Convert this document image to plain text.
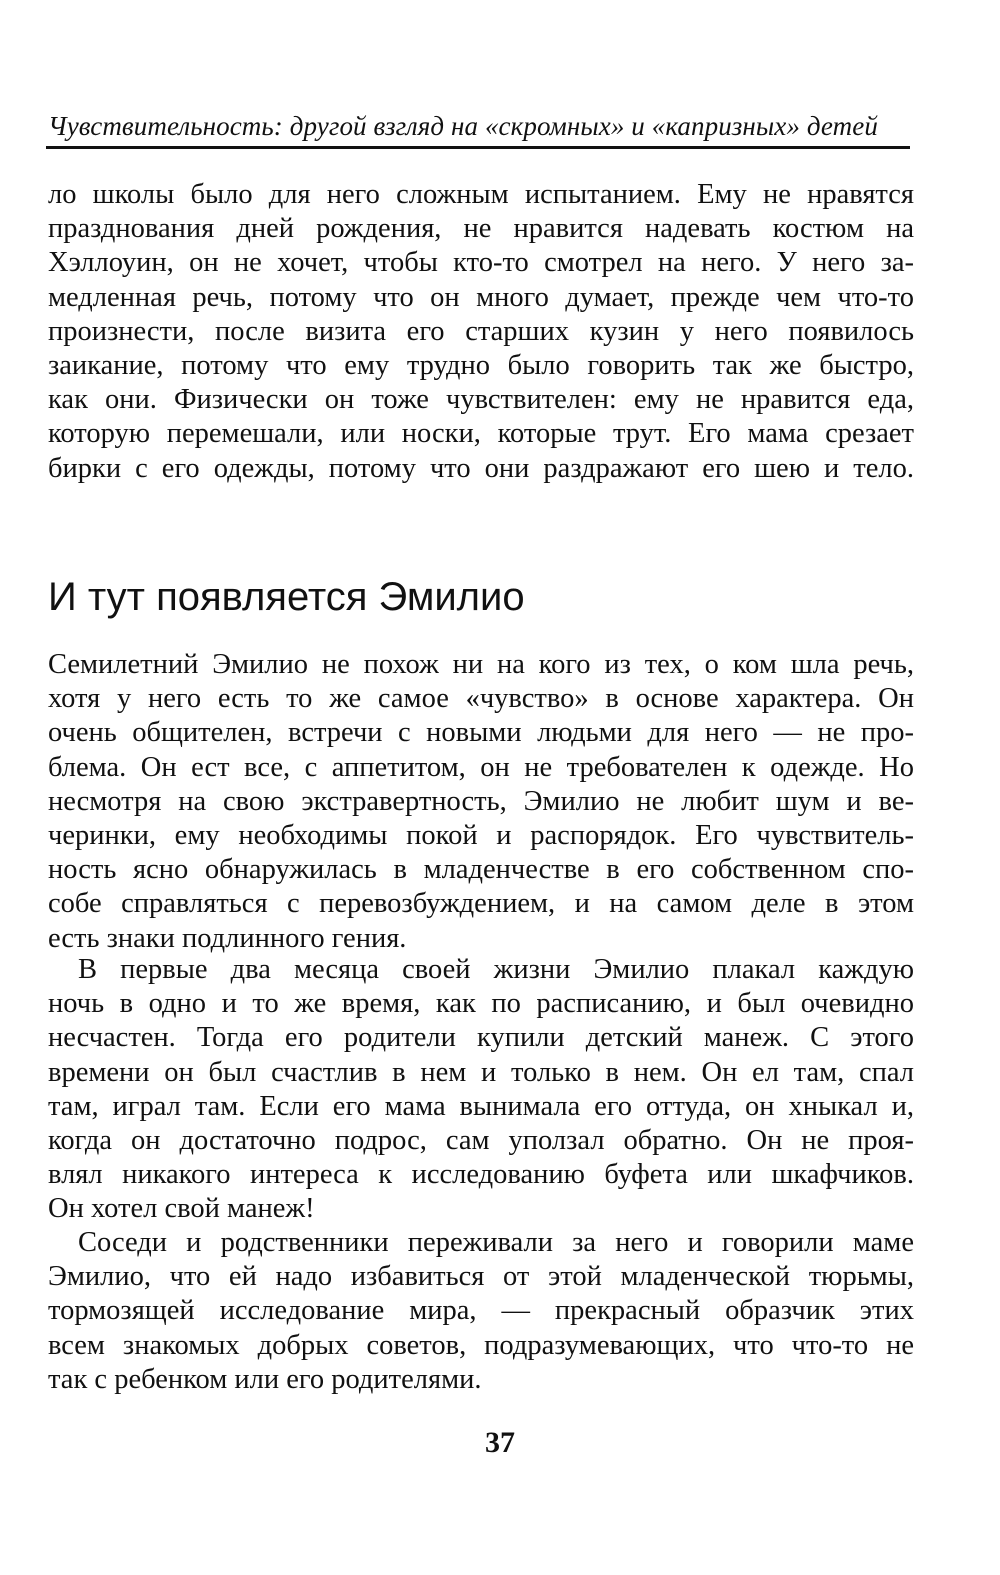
Чувствительность: другой взгляд на «скромных» и «капризных» детей
ло школы было для него сложным испытанием. Ему не нравятся
празднования дней рождения, не нравится надевать костюм на
Хэллоуин, он не хочет, чтобы кто-то смотрел на него. У него за-
медленная речь, потому что он много думает, прежде чем что-то
произнести, после визита его старших кузин у него появилось
заикание, потому что ему трудно было говорить так же быстро,
как они. Физически он тоже чувствителен: ему не нравится еда,
которую перемешали, или носки, которые трут. Его мама срезает
бирки с его одежды, потому что они раздражают его шею и тело.
И тут появляется Эмилио
Семилетний Эмилио не похож ни на кого из тех, о ком шла речь,
хотя у него есть то же самое «чувство» в основе характера. Он
очень общителен, встречи с новыми людьми для него — не про-
блема. Он ест все, с аппетитом, он не требователен к одежде. Но
несмотря на свою экстравертность, Эмилио не любит шум и ве-
черинки, ему необходимы покой и распорядок. Его чувствитель-
ность ясно обнаружилась в младенчестве в его собственном спо-
собе справляться с перевозбуждением, и на самом деле в этом
есть знаки подлинного гения.
В первые два месяца своей жизни Эмилио плакал каждую
ночь в одно и то же время, как по расписанию, и был очевидно
несчастен. Тогда его родители купили детский манеж. С этого
времени он был счастлив в нем и только в нем. Он ел там, спал
там, играл там. Если его мама вынимала его оттуда, он хныкал и,
когда он достаточно подрос, сам уползал обратно. Он не проя-
влял никакого интереса к исследованию буфета или шкафчиков.
Он хотел свой манеж!
Соседи и родственники переживали за него и говорили маме
Эмилио, что ей надо избавиться от этой младенческой тюрьмы,
тормозящей исследование мира, — прекрасный образчик этих
всем знакомых добрых советов, подразумевающих, что что-то не
так с ребенком или его родителями.
37
